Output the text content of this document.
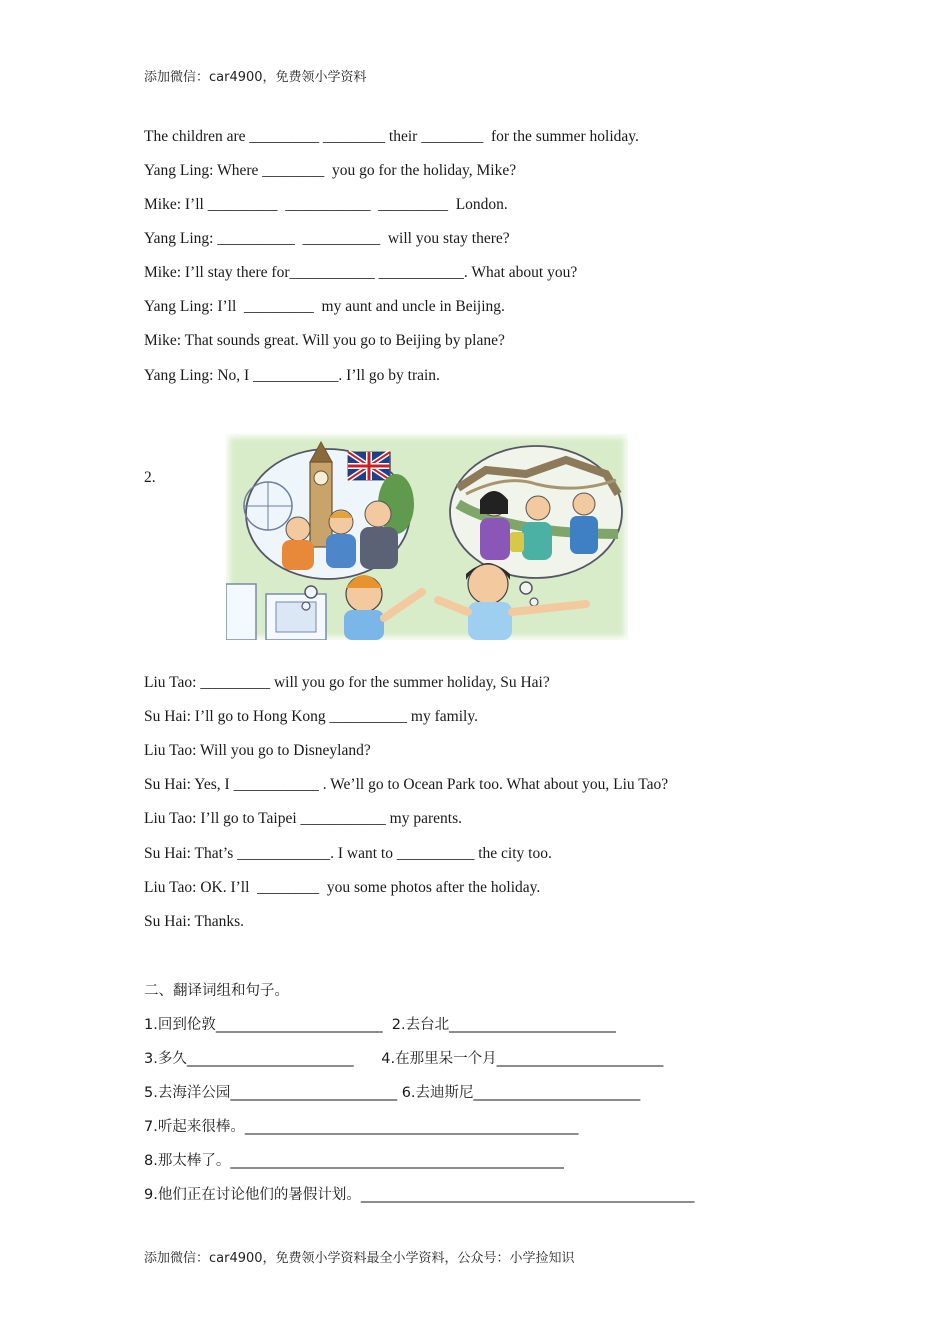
添加微信：car4900，免费领小学资料
The children are _________ ________ their ________  for the summer holiday.
Yang Ling: Where ________  you go for the holiday, Mike?
Mike: I’ll _________  ___________  _________  London.
Yang Ling: __________  __________  will you stay there?
Mike: I’ll stay there for___________ ___________. What about you?
Yang Ling: I’ll  _________  my aunt and uncle in Beijing.
Mike: That sounds great. Will you go to Beijing by plane?
Yang Ling: No, I ___________. I’ll go by train.
2.
Liu Tao: _________ will you go for the summer holiday, Su Hai?
Su Hai: I’ll go to Hong Kong __________ my family.
Liu Tao: Will you go to Disneyland?
Su Hai: Yes, I ___________ . We’ll go to Ocean Park too. What about you, Liu Tao?
Liu Tao: I’ll go to Taipei ___________ my parents.
Su Hai: That’s ____________. I want to __________ the city too.
Liu Tao: OK. I’ll  ________  you some photos after the holiday.
Su Hai: Thanks.
二、翻译词组和句子。
1.回到伦敦_______________________  2.去台北_______________________
3.多久_______________________      4.在那里呆一个月_______________________
5.去海洋公园_______________________ 6.去迪斯尼_______________________
7.听起来很棒。______________________________________________
8.那太棒了。______________________________________________
9.他们正在讨论他们的暑假计划。______________________________________________
添加微信：car4900，免费领小学资料最全小学资料，公众号：小学捡知识
